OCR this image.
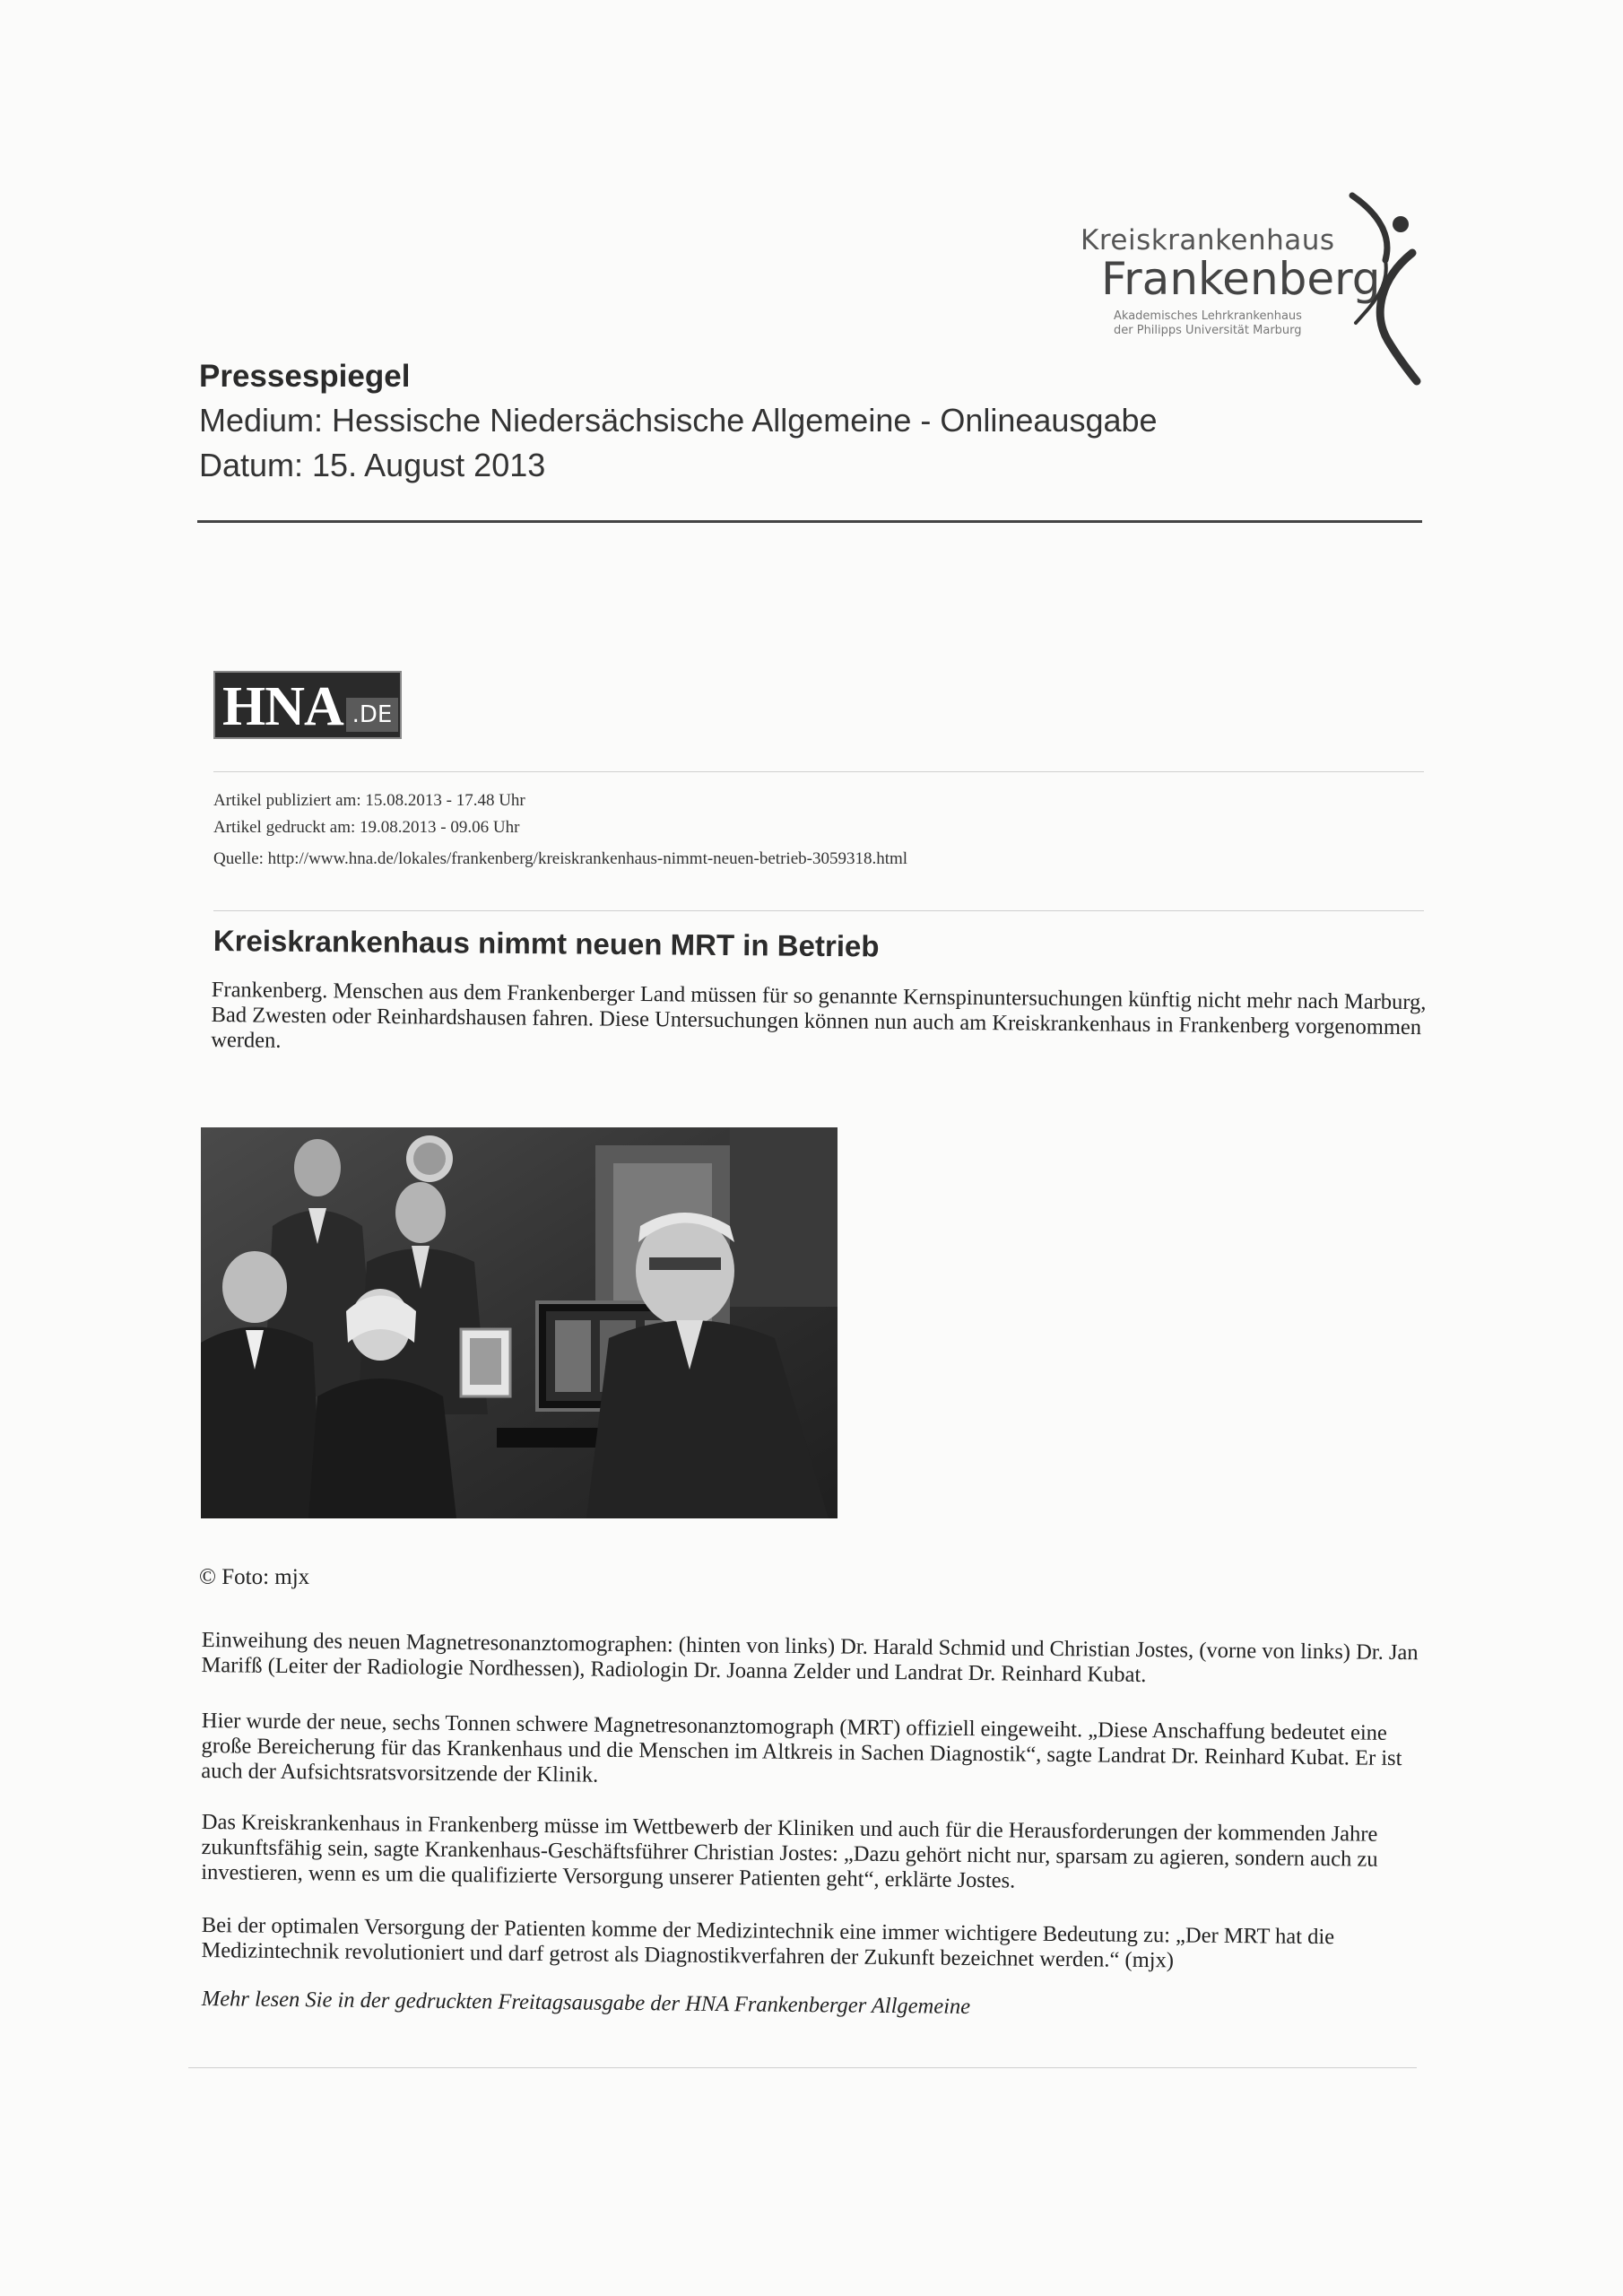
Kreiskrankenhaus
Frankenberg
Akademisches Lehrkrankenhaus
der Philipps Universität Marburg
Pressespiegel
Medium: Hessische Niedersächsische Allgemeine - Onlineausgabe
Datum: 15. August 2013
HNA .DE
Artikel publiziert am: 15.08.2013 - 17.48 Uhr
Artikel gedruckt am: 19.08.2013 - 09.06 Uhr
Quelle: http://www.hna.de/lokales/frankenberg/kreiskrankenhaus-nimmt-neuen-betrieb-3059318.html
Kreiskrankenhaus nimmt neuen MRT in Betrieb
Frankenberg. Menschen aus dem Frankenberger Land müssen für so genannte Kernspinuntersuchungen künftig nicht mehr nach Marburg, Bad Zwesten oder Reinhardshausen fahren. Diese Untersuchungen können nun auch am Kreiskrankenhaus in Frankenberg vorgenommen werden.
© Foto: mjx
Einweihung des neuen Magnetresonanztomographen: (hinten von links) Dr. Harald Schmid und Christian Jostes, (vorne von links) Dr. Jan Marifß (Leiter der Radiologie Nordhessen), Radiologin Dr. Joanna Zelder und Landrat Dr. Reinhard Kubat.
Hier wurde der neue, sechs Tonnen schwere Magnetresonanztomograph (MRT) offiziell eingeweiht. „Diese Anschaffung bedeutet eine große Bereicherung für das Krankenhaus und die Menschen im Altkreis in Sachen Diagnostik“, sagte Landrat Dr. Reinhard Kubat. Er ist auch der Aufsichtsratsvorsitzende der Klinik.
Das Kreiskrankenhaus in Frankenberg müsse im Wettbewerb der Kliniken und auch für die Herausforderungen der kommenden Jahre zukunftsfähig sein, sagte Krankenhaus-Geschäftsführer Christian Jostes: „Dazu gehört nicht nur, sparsam zu agieren, sondern auch zu investieren, wenn es um die qualifizierte Versorgung unserer Patienten geht“, erklärte Jostes.
Bei der optimalen Versorgung der Patienten komme der Medizintechnik eine immer wichtigere Bedeutung zu: „Der MRT hat die Medizintechnik revolutioniert und darf getrost als Diagnostikverfahren der Zukunft bezeichnet werden.“ (mjx)
Mehr lesen Sie in der gedruckten Freitagsausgabe der HNA Frankenberger Allgemeine
